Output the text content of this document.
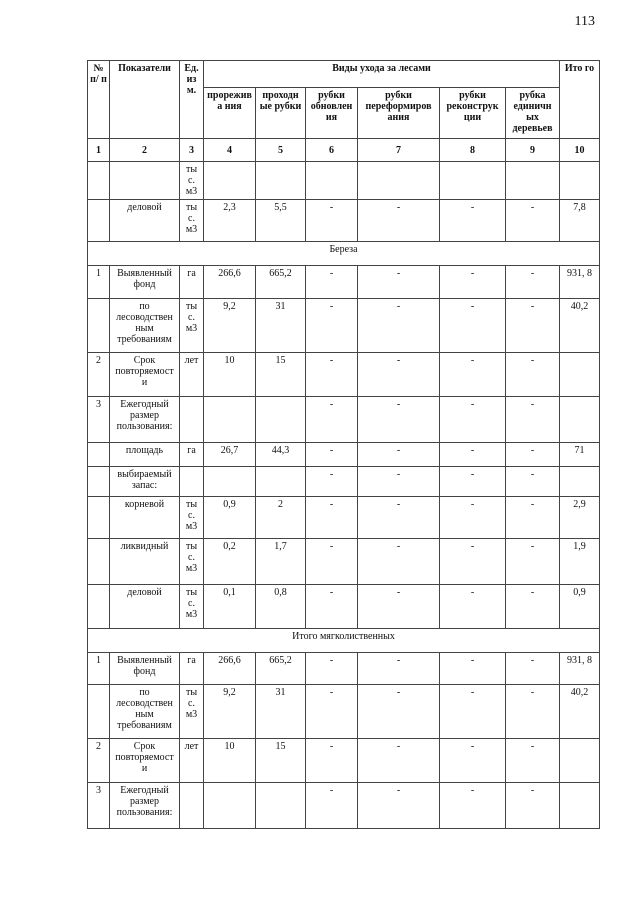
113
№ п/ п	Показатели	Ед. из м.	Виды ухода за лесами						Ито го
			прорежива ния	проходн ые рубки	рубки обновлен ия	рубки переформиров ания	рубки реконструк ции	рубка единичн ых деревьев	
1	2	3	4	5	6	7	8	9	10
		ты с. м3							
	деловой	ты с. м3	2,3	5,5	-	-	-	-	7,8
Береза									
1	Выявленный фонд	га	266,6	665,2	-	-	-	-	931, 8
	по лесоводствен ным требованиям	ты с. м3	9,2	31	-	-	-	-	40,2
2	Срок повторяемост и	лет	10	15	-	-	-	-	
3	Ежегодный размер пользования:				-	-	-	-	
	площадь	га	26,7	44,3	-	-	-	-	71
	выбираемый запас:				-	-	-	-	
	корневой	ты с. м3	0,9	2	-	-	-	-	2,9
	ликвидный	ты с. м3	0,2	1,7	-	-	-	-	1,9
	деловой	ты с. м3	0,1	0,8	-	-	-	-	0,9
Итого мягколиственных									
1	Выявленный фонд	га	266,6	665,2	-	-	-	-	931, 8
	по лесоводствен ным требованиям	ты с. м3	9,2	31	-	-	-	-	40,2
2	Срок повторяемост и	лет	10	15	-	-	-	-	
3	Ежегодный размер пользования:				-	-	-	-	
